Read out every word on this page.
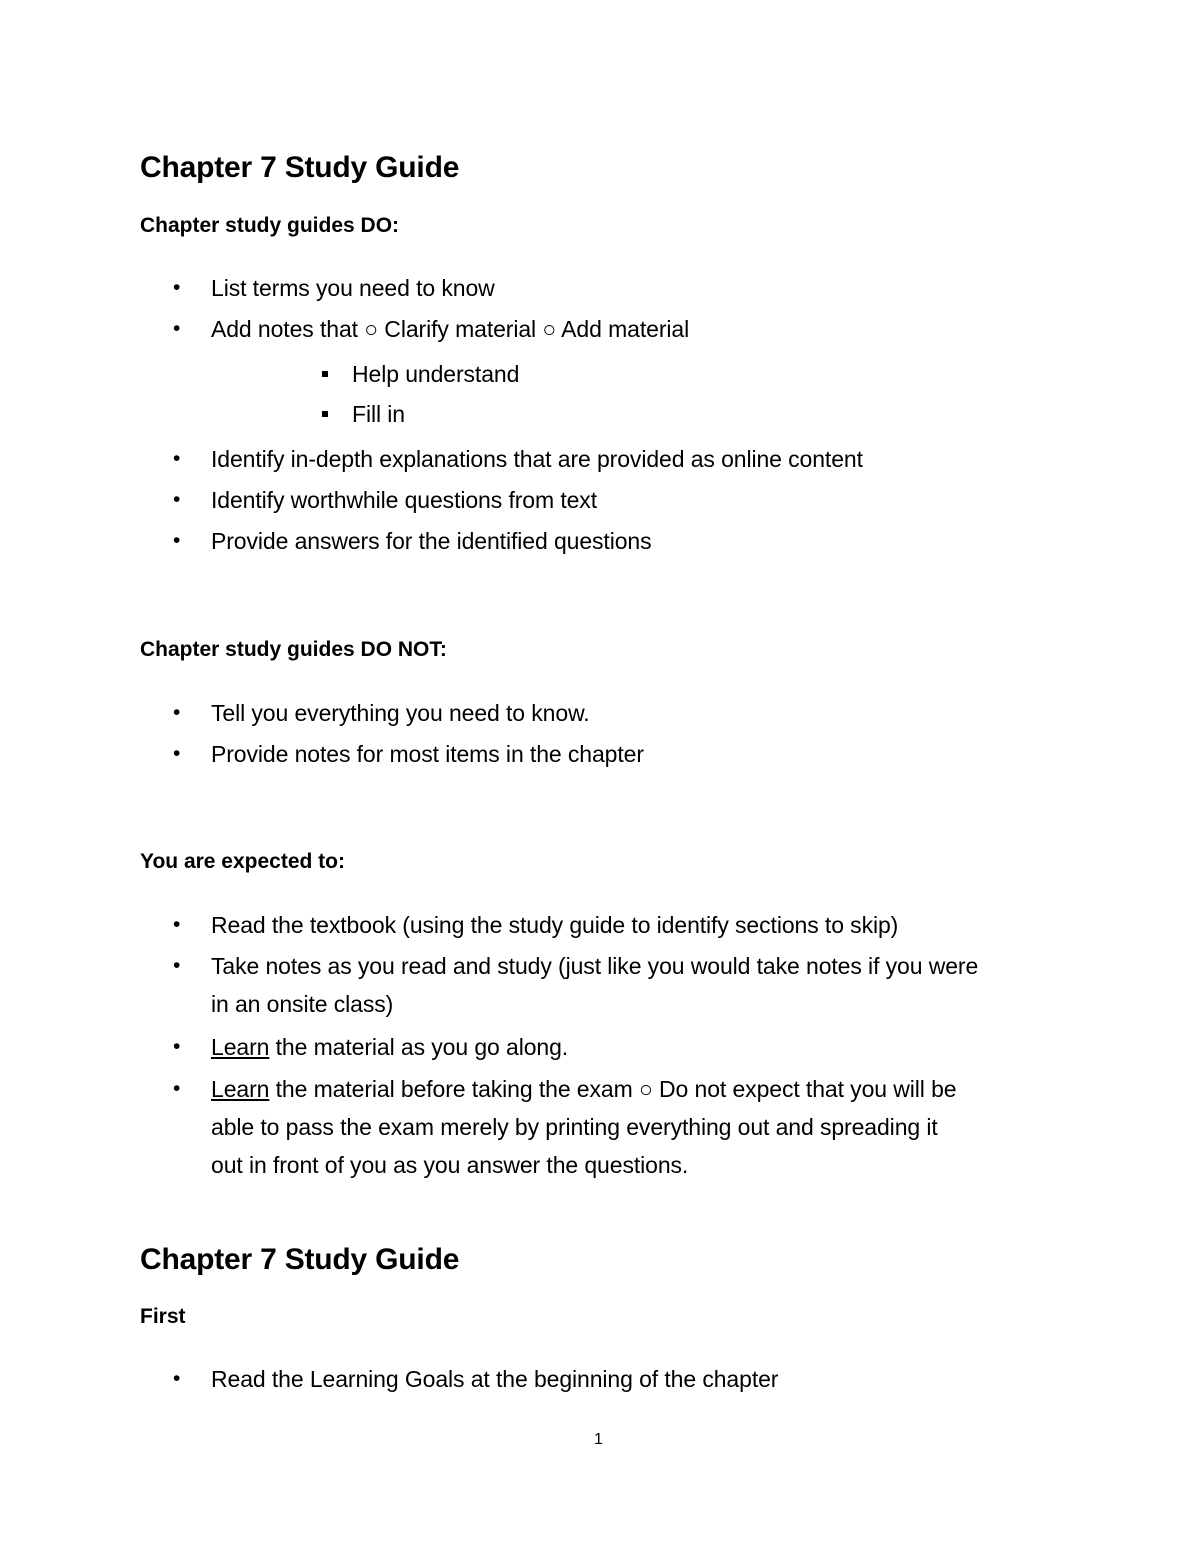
Chapter 7 Study Guide
Chapter study guides DO:
• List terms you need to know
• Add notes that ○ Clarify material ○ Add material
Help understand
Fill in
• Identify in-depth explanations that are provided as online content
• Identify worthwhile questions from text
• Provide answers for the identified questions
Chapter study guides DO NOT:
• Tell you everything you need to know.
• Provide notes for most items in the chapter
You are expected to:
• Read the textbook (using the study guide to identify sections to skip)
• Take notes as you read and study (just like you would take notes if you were
in an onsite class)
• Learn the material as you go along.
• Learn the material before taking the exam ○ Do not expect that you will be
able to pass the exam merely by printing everything out and spreading it
out in front of you as you answer the questions.
Chapter 7 Study Guide
First
• Read the Learning Goals at the beginning of the chapter
1
